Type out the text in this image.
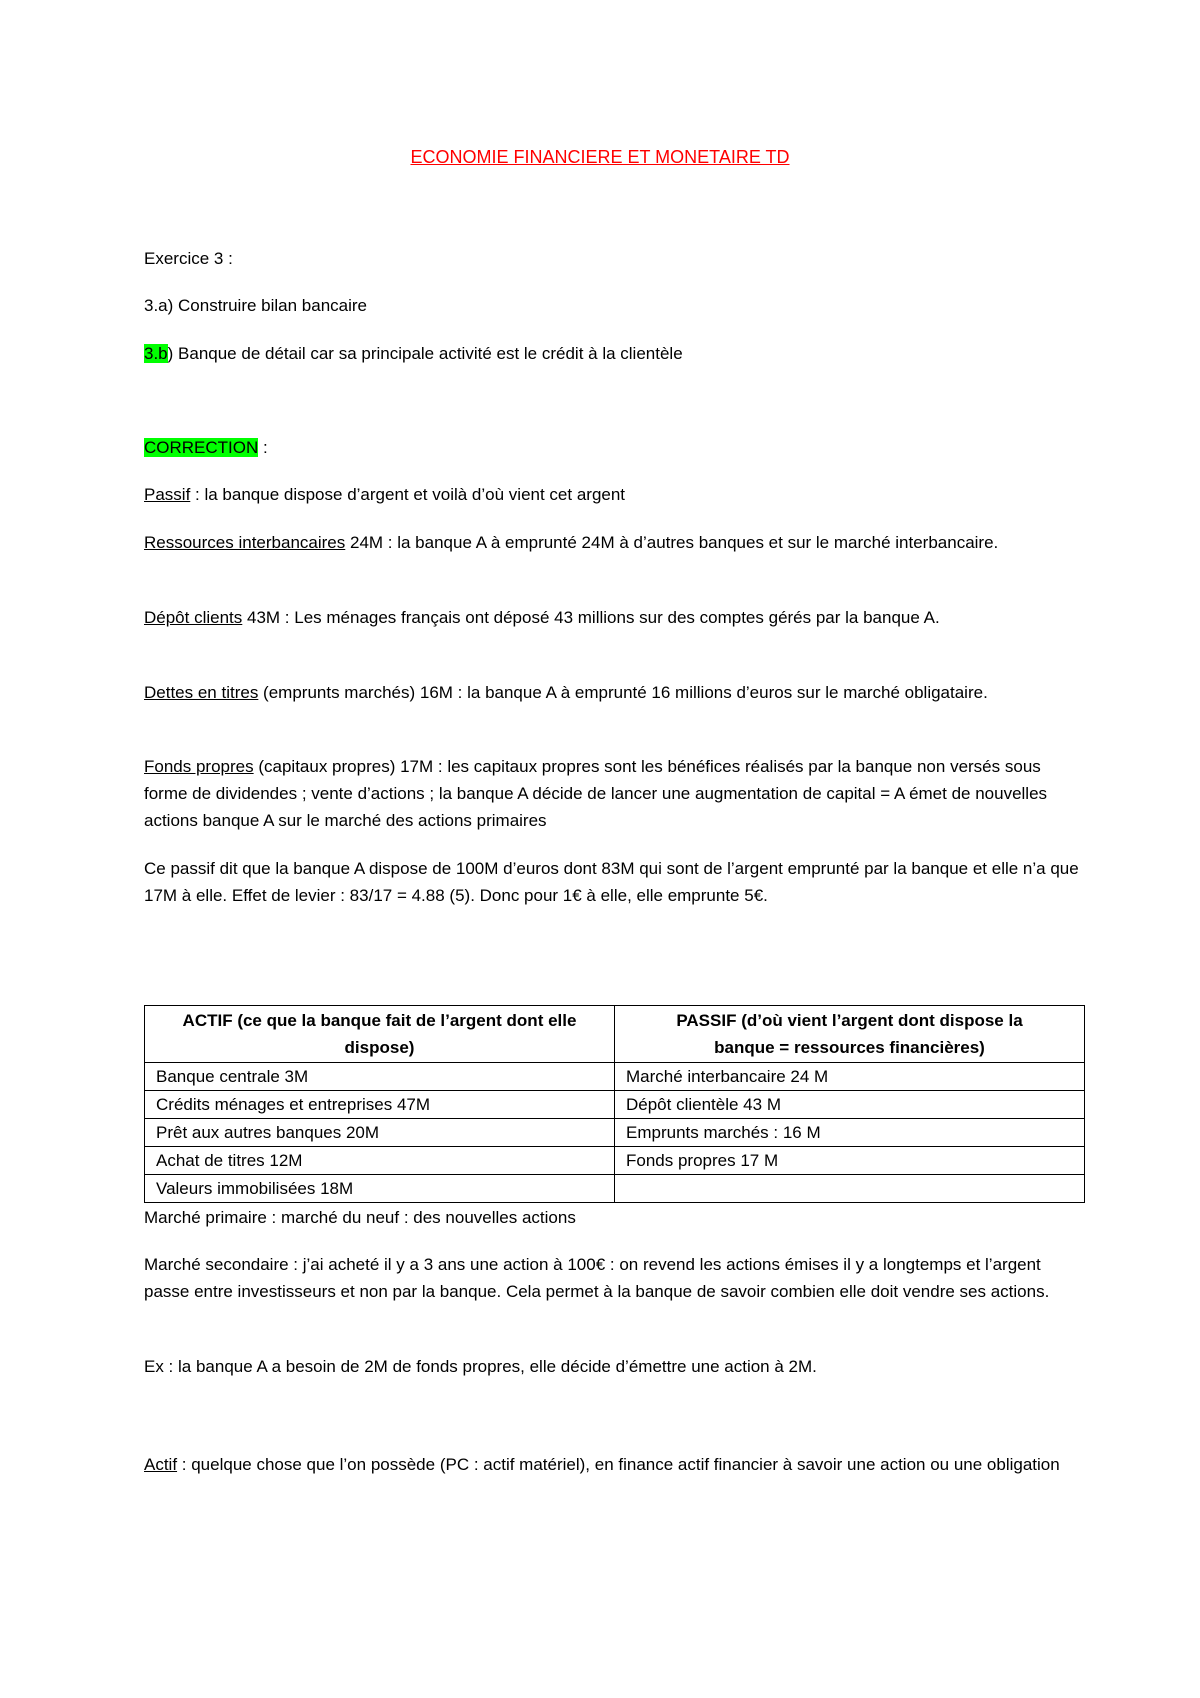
ECONOMIE FINANCIERE ET MONETAIRE TD

Exercice 3 :

3.a) Construire bilan bancaire

3.b) Banque de détail car sa principale activité est le crédit à la clientèle

CORRECTION :

Passif : la banque dispose d’argent et voilà d’où vient cet argent

Ressources interbancaires 24M : la banque A à emprunté 24M à d’autres banques et sur le marché interbancaire.

Dépôt clients 43M : Les ménages français ont déposé 43 millions sur des comptes gérés par la banque A.

Dettes en titres (emprunts marchés) 16M : la banque A à emprunté 16 millions d’euros sur le marché obligataire.

Fonds propres (capitaux propres) 17M : les capitaux propres sont les bénéfices réalisés par la banque non versés sous forme de dividendes ; vente d’actions ; la banque A décide de lancer une augmentation de capital = A émet de nouvelles actions banque A sur le marché des actions primaires

Ce passif dit que la banque A dispose de 100M d’euros dont 83M qui sont de l’argent emprunté par la banque et elle n’a que 17M à elle. Effet de levier : 83/17 = 4.88 (5). Donc pour 1€ à elle, elle emprunte 5€.

ACTIF (ce que la banque fait de l’argent dont elle dispose)	PASSIF (d’où vient l’argent dont dispose la banque = ressources financières)
Banque centrale 3M	Marché interbancaire 24 M
Crédits ménages et entreprises 47M	Dépôt clientèle 43 M
Prêt aux autres banques 20M	Emprunts marchés : 16 M
Achat de titres 12M	Fonds propres 17 M
Valeurs immobilisées 18M	

Marché primaire : marché du neuf : des nouvelles actions

Marché secondaire : j’ai acheté il y a 3 ans une action à 100€ : on revend les actions émises il y a longtemps et l’argent passe entre investisseurs et non par la banque. Cela permet à la banque de savoir combien elle doit vendre ses actions.

Ex : la banque A a besoin de 2M de fonds propres, elle décide d’émettre une action à 2M.

Actif : quelque chose que l’on possède (PC : actif matériel), en finance actif financier à savoir une action ou une obligation
